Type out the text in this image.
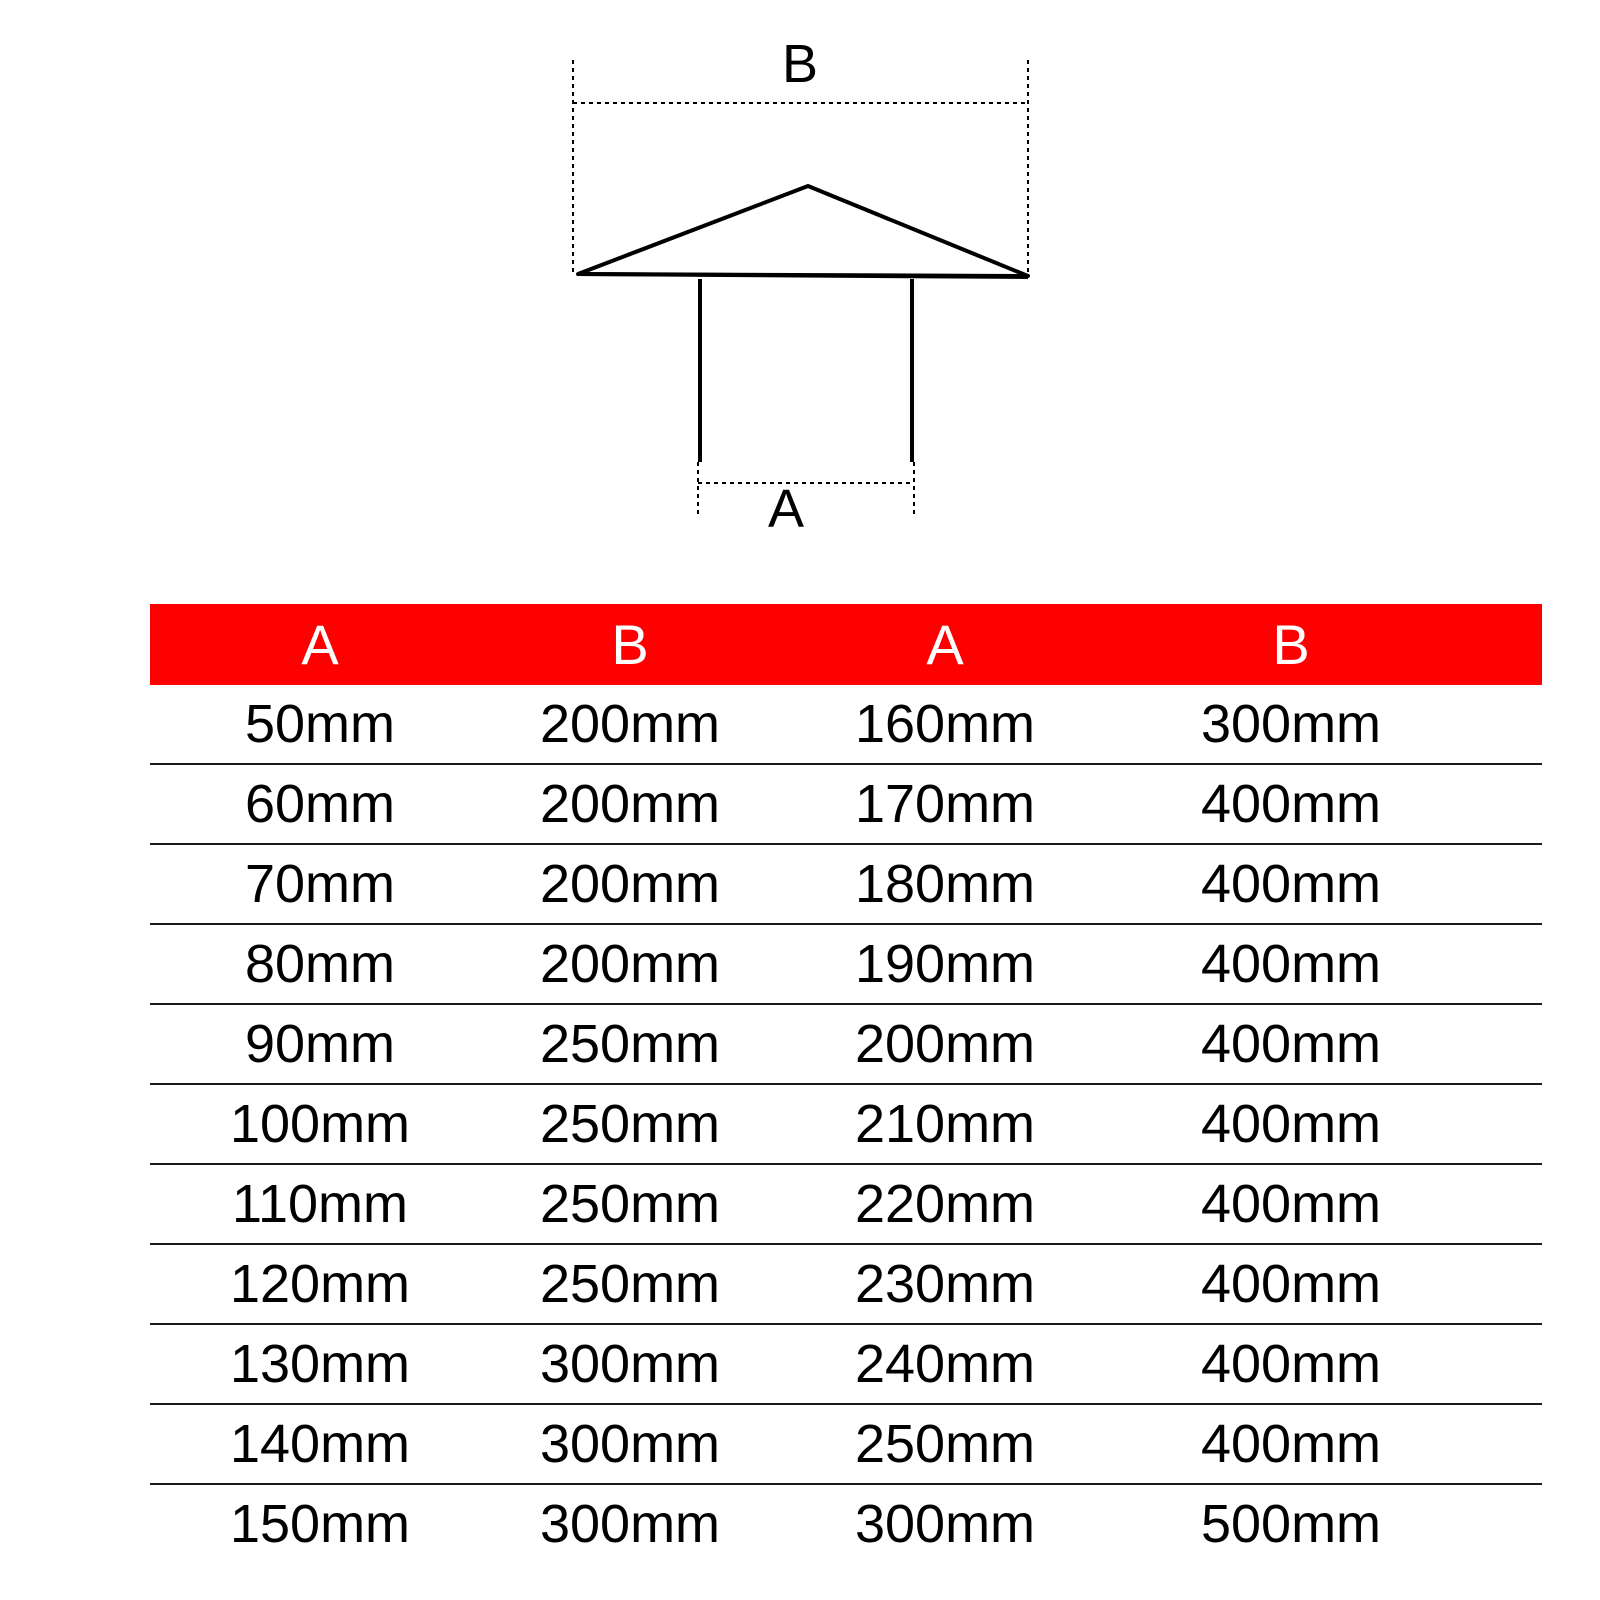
B
A
A	B	A	B
50mm	200mm	160mm	300mm
60mm	200mm	170mm	400mm
70mm	200mm	180mm	400mm
80mm	200mm	190mm	400mm
90mm	250mm	200mm	400mm
100mm	250mm	210mm	400mm
110mm	250mm	220mm	400mm
120mm	250mm	230mm	400mm
130mm	300mm	240mm	400mm
140mm	300mm	250mm	400mm
150mm	300mm	300mm	500mm
